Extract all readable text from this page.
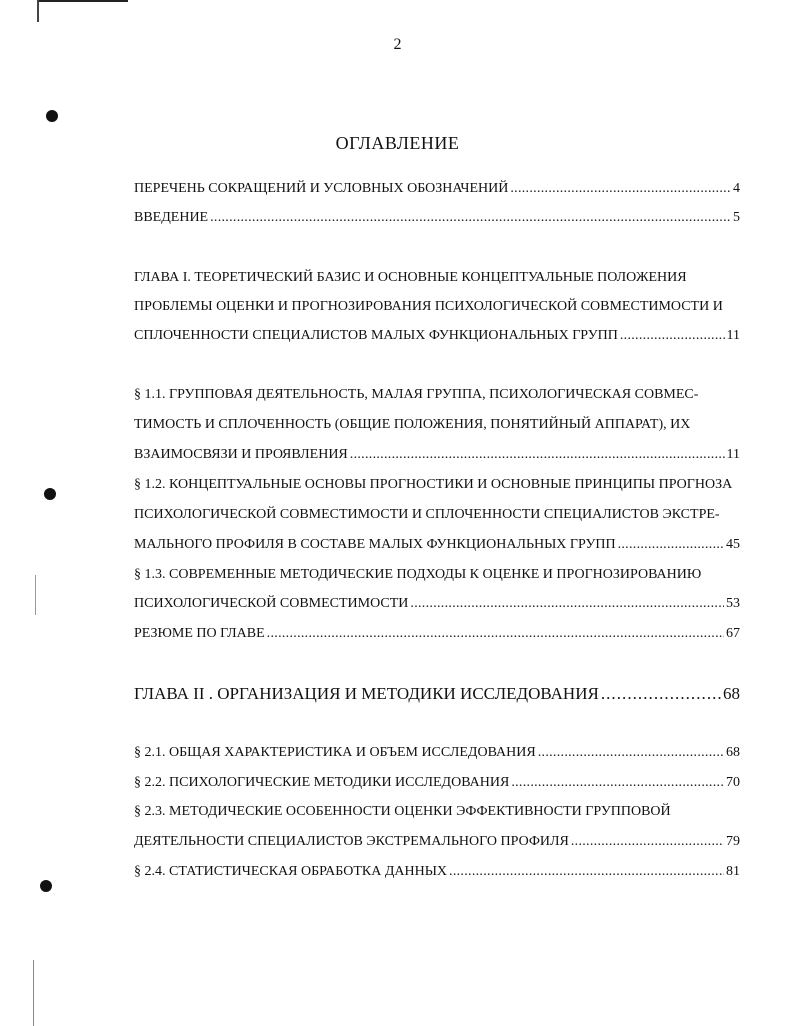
2
ОГЛАВЛЕНИЕ
ПЕРЕЧЕНЬ СОКРАЩЕНИЙ И УСЛОВНЫХ ОБОЗНАЧЕНИЙ . . .	4
ВВЕДЕНИЕ . . .	5
ГЛАВА I. ТЕОРЕТИЧЕСКИЙ БАЗИС И ОСНОВНЫЕ КОНЦЕПТУАЛЬНЫЕ ПОЛОЖЕНИЯ
ПРОБЛЕМЫ ОЦЕНКИ И ПРОГНОЗИРОВАНИЯ ПСИХОЛОГИЧЕСКОЙ СОВМЕСТИМОСТИ И
СПЛОЧЕННОСТИ СПЕЦИАЛИСТОВ МАЛЫХ ФУНКЦИОНАЛЬНЫХ ГРУПП . . .	11
§ 1.1. ГРУППОВАЯ ДЕЯТЕЛЬНОСТЬ, МАЛАЯ ГРУППА, ПСИХОЛОГИЧЕСКАЯ СОВМЕС-
ТИМОСТЬ И СПЛОЧЕННОСТЬ (ОБЩИЕ ПОЛОЖЕНИЯ, ПОНЯТИЙНЫЙ АППАРАТ), ИХ
ВЗАИМОСВЯЗИ И ПРОЯВЛЕНИЯ . . .	11
§ 1.2. КОНЦЕПТУАЛЬНЫЕ ОСНОВЫ ПРОГНОСТИКИ И ОСНОВНЫЕ ПРИНЦИПЫ ПРОГНОЗА
ПСИХОЛОГИЧЕСКОЙ СОВМЕСТИМОСТИ И СПЛОЧЕННОСТИ СПЕЦИАЛИСТОВ ЭКСТРЕ-
МАЛЬНОГО ПРОФИЛЯ В СОСТАВЕ МАЛЫХ ФУНКЦИОНАЛЬНЫХ ГРУПП . . .	45
§ 1.3. СОВРЕМЕННЫЕ МЕТОДИЧЕСКИЕ ПОДХОДЫ К ОЦЕНКЕ И ПРОГНОЗИРОВАНИЮ
ПСИХОЛОГИЧЕСКОЙ СОВМЕСТИМОСТИ . . .	53
РЕЗЮМЕ ПО ГЛАВЕ . . .	67
ГЛАВА II . ОРГАНИЗАЦИЯ И МЕТОДИКИ ИССЛЕДОВАНИЯ . . .	68
§ 2.1. ОБЩАЯ ХАРАКТЕРИСТИКА И ОБЪЕМ ИССЛЕДОВАНИЯ . . .	68
§ 2.2. ПСИХОЛОГИЧЕСКИЕ МЕТОДИКИ ИССЛЕДОВАНИЯ . . .	70
§ 2.3. МЕТОДИЧЕСКИЕ ОСОБЕННОСТИ ОЦЕНКИ ЭФФЕКТИВНОСТИ ГРУППОВОЙ
ДЕЯТЕЛЬНОСТИ СПЕЦИАЛИСТОВ ЭКСТРЕМАЛЬНОГО ПРОФИЛЯ . . .	79
§ 2.4. СТАТИСТИЧЕСКАЯ ОБРАБОТКА ДАННЫХ . . .	81
